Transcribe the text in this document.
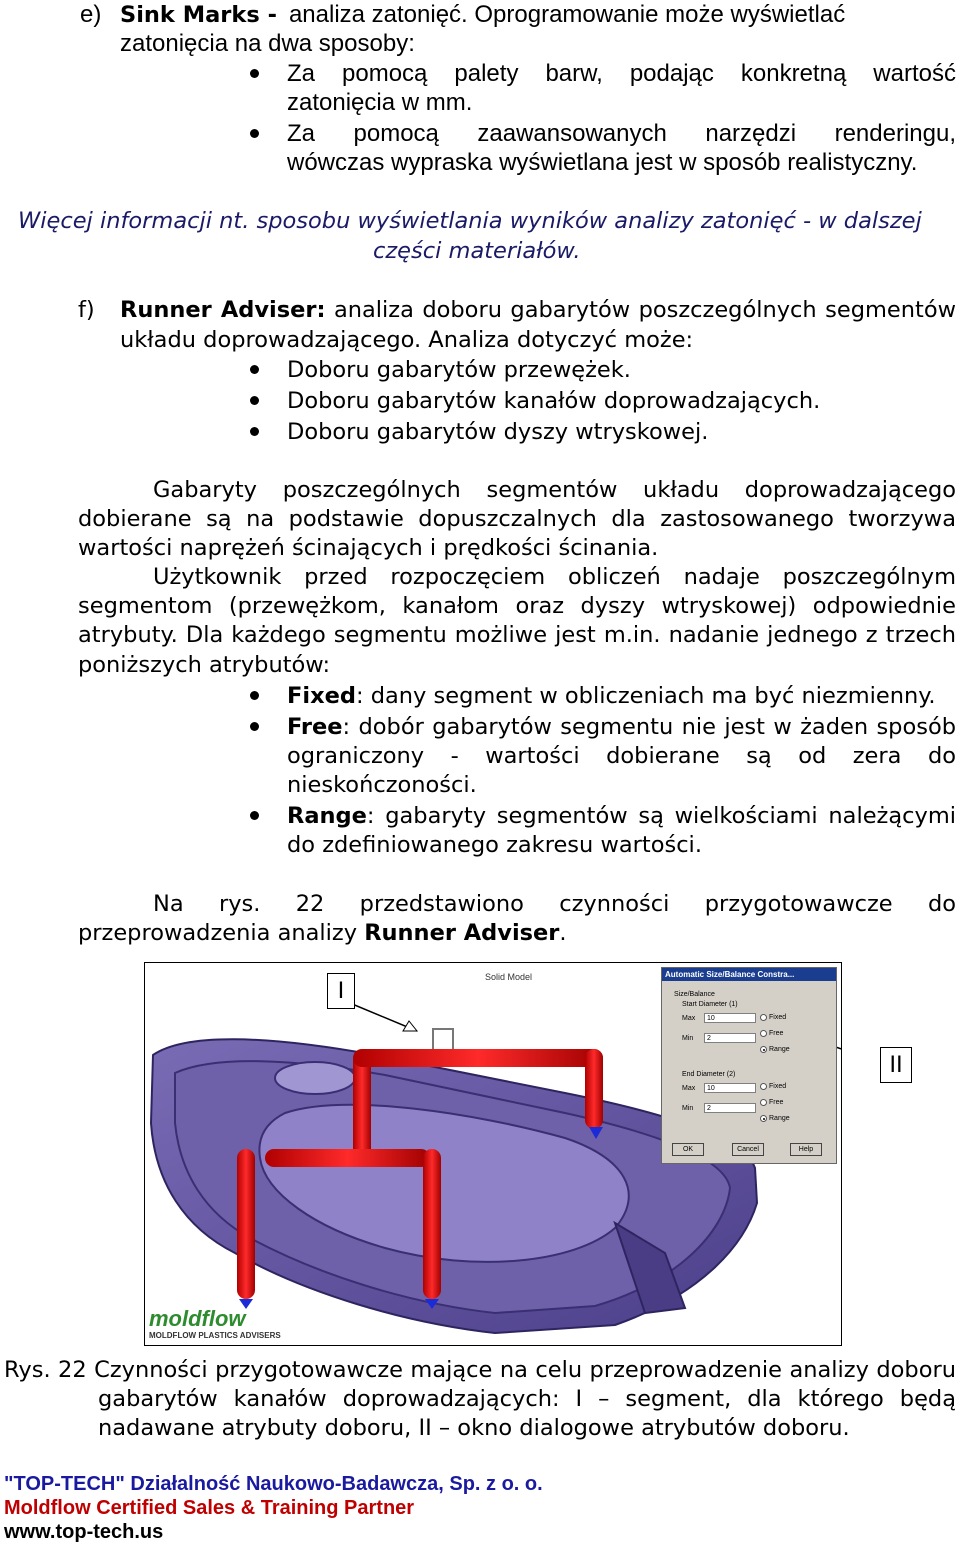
e) Sink Marks - analiza zatonięć. Oprogramowanie może wyświetlać
zatonięcia na dwa sposoby:
Za pomocą palety barw, podając konkretną wartość
zatonięcia w mm.
Za pomocą zaawansowanych narzędzi renderingu,
wówczas wypraska wyświetlana jest w sposób realistyczny.
Więcej informacji nt. sposobu wyświetlania wyników analizy zatonięć - w dalszej
części materiałów.
f) Runner Adviser: analiza doboru gabarytów poszczególnych segmentów
układu doprowadzającego. Analiza dotyczyć może:
Doboru gabarytów przewężek.
Doboru gabarytów kanałów doprowadzających.
Doboru gabarytów dyszy wtryskowej.
Gabaryty poszczególnych segmentów układu doprowadzającego
dobierane są na podstawie dopuszczalnych dla zastosowanego tworzywa
wartości naprężeń ścinających i prędkości ścinania.
Użytkownik przed rozpoczęciem obliczeń nadaje poszczególnym
segmentom (przewężkom, kanałom oraz dyszy wtryskowej) odpowiednie
atrybuty. Dla każdego segmentu możliwe jest m.in. nadanie jednego z trzech
poniższych atrybutów:
Fixed: dany segment w obliczeniach ma być niezmienny.
Free: dobór gabarytów segmentu nie jest w żaden sposób
ograniczony - wartości dobierane są od zera do
nieskończoności.
Range: gabaryty segmentów są wielkościami należącymi
do zdefiniowanego zakresu wartości.
Na rys. 22 przedstawiono czynności przygotowawcze do
przeprowadzenia analizy Runner Adviser.
Solid Model
I
Automatic Size/Balance Constra...
Size/Balance
Start Diameter (1)
Max	10
Min	2
Fixed
Free
Range
End Diameter (2)
Max	10
Min	2
Fixed
Free
Range
OK	Cancel	Help
moldflow
MOLDFLOW PLASTICS ADVISERS
II
Rys. 22 Czynności przygotowawcze mające na celu przeprowadzenie analizy doboru
gabarytów kanałów doprowadzających: I – segment, dla którego będą
nadawane atrybuty doboru, II – okno dialogowe atrybutów doboru.
"TOP-TECH" Działalność Naukowo-Badawcza, Sp. z o. o.
Moldflow Certified Sales & Training Partner
www.top-tech.us
